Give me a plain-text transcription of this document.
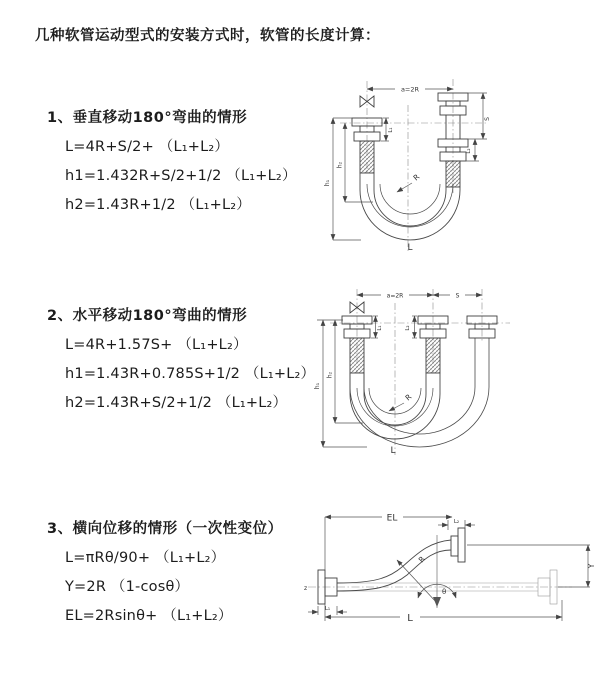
几种软管运动型式的安装方式时，软管的长度计算：
1、垂直移动180°弯曲的情形
L=4R+S/2+ （L₁+L₂）
h1=1.432R+S/2+1/2 （L₁+L₂）
h2=1.43R+1/2 （L₁+L₂）
2、水平移动180°弯曲的情形
L=4R+1.57S+ （L₁+L₂）
h1=1.43R+0.785S+1/2 （L₁+L₂）
h2=1.43R+S/2+1/2 （L₁+L₂）
3、横向位移的情形（一次性变位）
L=πRθ/90+ （L₁+L₂）
Y=2R （1-cosθ）
EL=2Rsinθ+ （L₁+L₂）
a=2R
R
h₁
h₂
S
L₂
L₁
L
a=2R	S
R
h₁
h₂
L₁	L₂
L
z
EL	L₂
L₁
Y
R
θ
L
